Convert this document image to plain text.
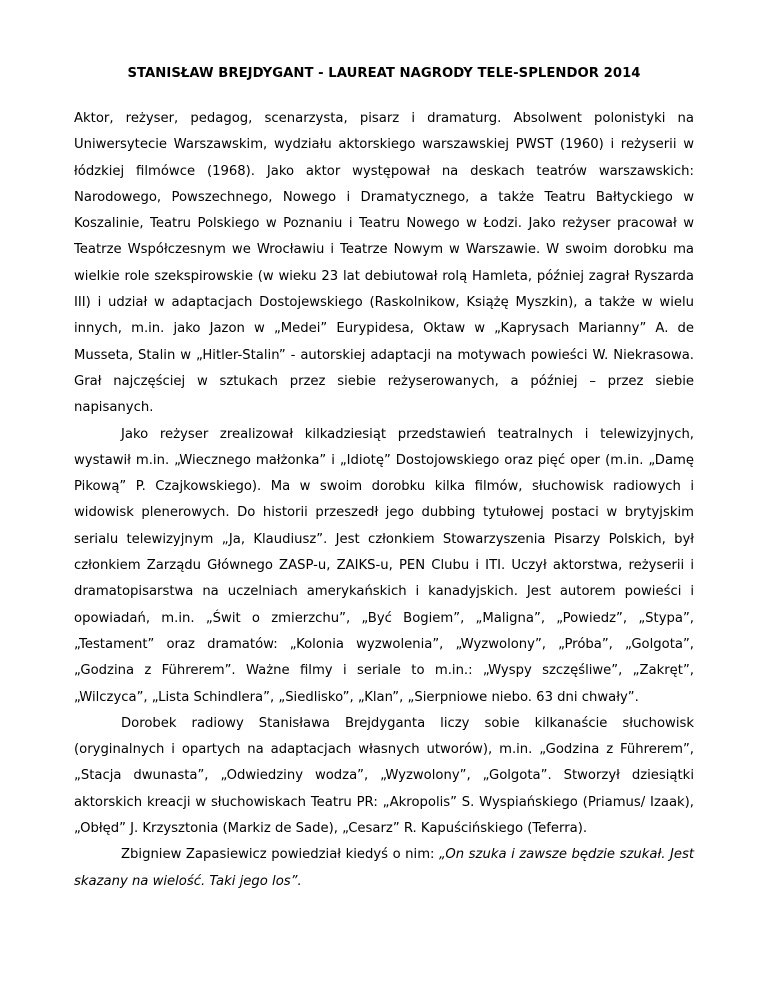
STANISŁAW BREJDYGANT - LAUREAT NAGRODY TELE-SPLENDOR 2014

Aktor, reżyser, pedagog, scenarzysta, pisarz i dramaturg. Absolwent polonistyki na Uniwersytecie Warszawskim, wydziału aktorskiego warszawskiej PWST (1960) i reżyserii w łódzkiej filmówce (1968). Jako aktor występował na deskach teatrów warszawskich: Narodowego, Powszechnego, Nowego i Dramatycznego, a także Teatru Bałtyckiego w Koszalinie, Teatru Polskiego w Poznaniu i Teatru Nowego w Łodzi. Jako reżyser pracował w Teatrze Współczesnym we Wrocławiu i Teatrze Nowym w Warszawie. W swoim dorobku ma wielkie role szekspirowskie (w wieku 23 lat debiutował rolą Hamleta, później zagrał Ryszarda III) i udział w adaptacjach Dostojewskiego (Raskolnikow, Książę Myszkin), a także w wielu innych, m.in. jako Jazon w „Medei” Eurypidesa, Oktaw w „Kaprysach Marianny” A. de Musseta, Stalin w „Hitler-Stalin” - autorskiej adaptacji na motywach powieści W. Niekrasowa. Grał najczęściej w sztukach przez siebie reżyserowanych, a później – przez siebie napisanych.

Jako reżyser zrealizował kilkadziesiąt przedstawień teatralnych i telewizyjnych, wystawił m.in. „Wiecznego małżonka” i „Idiotę” Dostojowskiego oraz pięć oper (m.in. „Damę Pikową” P. Czajkowskiego). Ma w swoim dorobku kilka filmów, słuchowisk radiowych i widowisk plenerowych. Do historii przeszedł jego dubbing tytułowej postaci w brytyjskim serialu telewizyjnym „Ja, Klaudiusz”. Jest członkiem Stowarzyszenia Pisarzy Polskich, był członkiem Zarządu Głównego ZASP-u, ZAIKS-u, PEN Clubu i ITI. Uczył aktorstwa, reżyserii i dramatopisarstwa na uczelniach amerykańskich i kanadyjskich. Jest autorem powieści i opowiadań, m.in. „Świt o zmierzchu”, „Być Bogiem”, „Maligna”, „Powiedz”, „Stypa”, „Testament” oraz dramatów: „Kolonia wyzwolenia”, „Wyzwolony”, „Próba”, „Golgota”, „Godzina z Führerem”. Ważne filmy i seriale to m.in.: „Wyspy szczęśliwe”, „Zakręt”, „Wilczyca”, „Lista Schindlera”, „Siedlisko”, „Klan”, „Sierpniowe niebo. 63 dni chwały”.

Dorobek radiowy Stanisława Brejdyganta liczy sobie kilkanaście słuchowisk (oryginalnych i opartych na adaptacjach własnych utworów), m.in. „Godzina z Führerem”, „Stacja dwunasta”, „Odwiedziny wodza”, „Wyzwolony”, „Golgota”. Stworzył dziesiątki aktorskich kreacji w słuchowiskach Teatru PR: „Akropolis” S. Wyspiańskiego (Priamus/ Izaak), „Obłęd” J. Krzysztonia (Markiz de Sade), „Cesarz” R. Kapuścińskiego (Teferra).

Zbigniew Zapasiewicz powiedział kiedyś o nim: „On szuka i zawsze będzie szukał. Jest skazany na wielość. Taki jego los”.
